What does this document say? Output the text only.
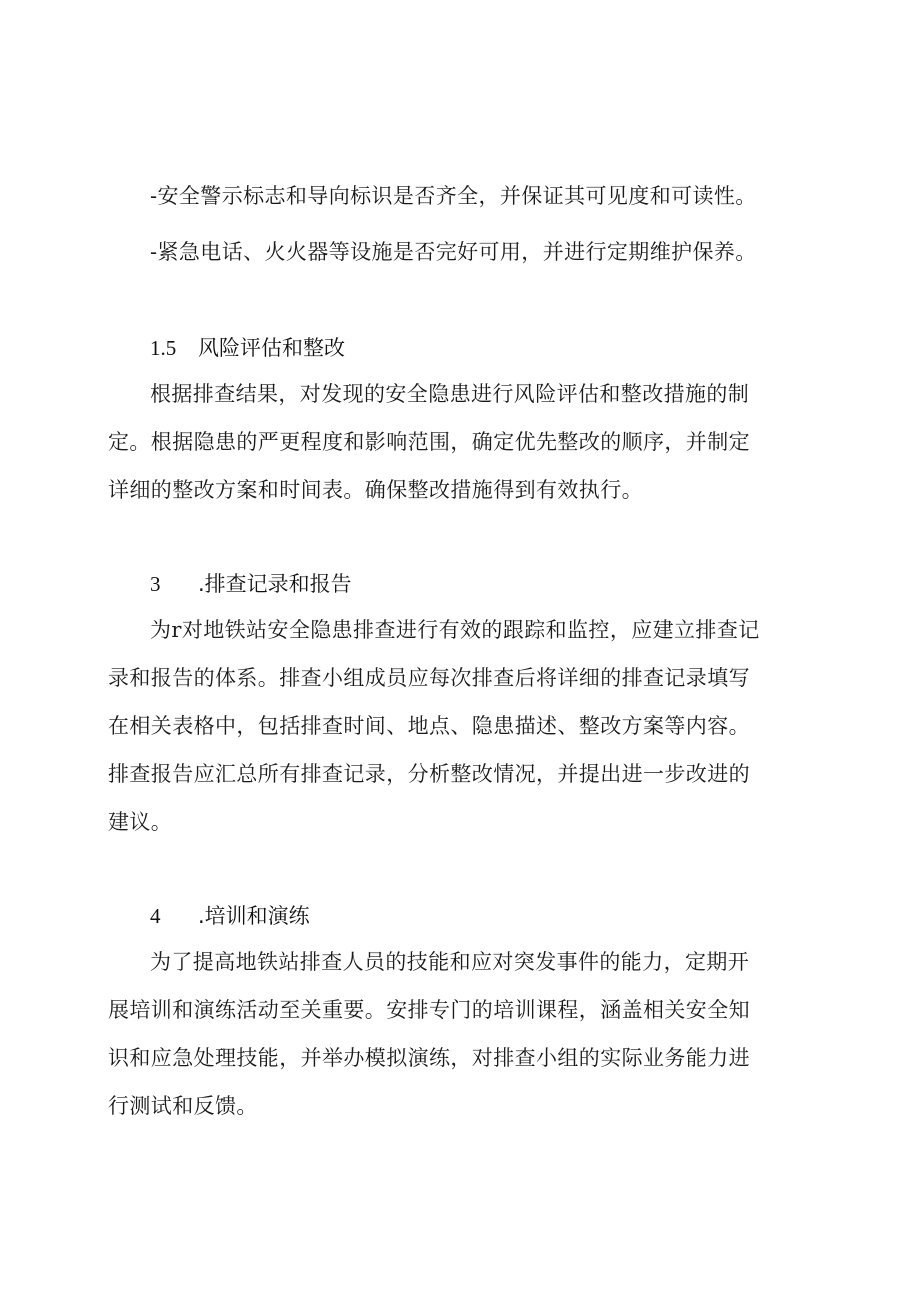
-安全警示标志和导向标识是否齐全，并保证其可见度和可读性。
-紧急电话、火火器等设施是否完好可用，并进行定期维护保养。
1.5 风险评估和整改
根据排查结果，对发现的安全隐患进行风险评估和整改措施的制
定。根据隐患的严更程度和影响范围，确定优先整改的顺序，并制定
详细的整改方案和时间表。确保整改措施得到有效执行。
3 .排查记录和报告
为r对地铁站安全隐患排查进行有效的跟踪和监控，应建立排查记
录和报告的体系。排查小组成员应每次排查后将详细的排查记录填写
在相关表格中，包括排查时间、地点、隐患描述、整改方案等内容。
排查报告应汇总所有排查记录，分析整改情况，并提出进一步改进的
建议。
4 .培训和演练
为了提高地铁站排查人员的技能和应对突发事件的能力，定期开
展培训和演练活动至关重要。安排专门的培训课程，涵盖相关安全知
识和应急处理技能，并举办模拟演练，对排查小组的实际业务能力进
行测试和反馈。
